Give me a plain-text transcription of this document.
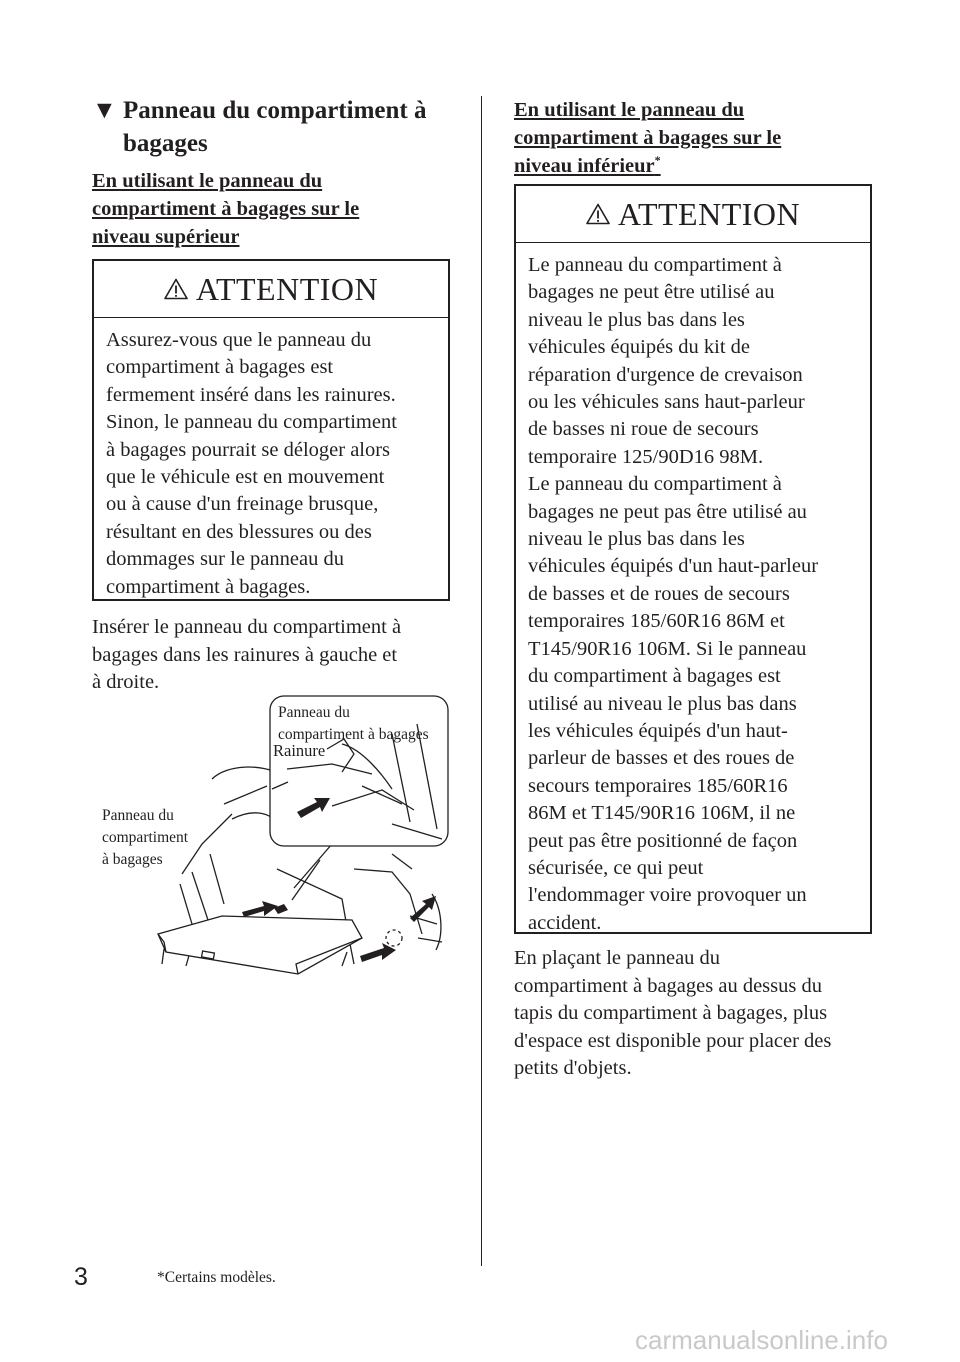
▼ Panneau du compartiment à
bagages
En utilisant le panneau du
compartiment à bagages sur le
niveau supérieur
ATTENTION
Assurez-vous que le panneau du
compartiment à bagages est
fermement inséré dans les rainures.
Sinon, le panneau du compartiment
à bagages pourrait se déloger alors
que le véhicule est en mouvement
ou à cause d'un freinage brusque,
résultant en des blessures ou des
dommages sur le panneau du
compartiment à bagages.
Insérer le panneau du compartiment à
bagages dans les rainures à gauche et
à droite.
Panneau du
compartiment
à bagages
Panneau du
compartiment à bagages
Rainure
En utilisant le panneau du
compartiment à bagages sur le
niveau inférieur*
ATTENTION
Le panneau du compartiment à
bagages ne peut être utilisé au
niveau le plus bas dans les
véhicules équipés du kit de
réparation d'urgence de crevaison
ou les véhicules sans haut-parleur
de basses ni roue de secours
temporaire 125/90D16 98M.
Le panneau du compartiment à
bagages ne peut pas être utilisé au
niveau le plus bas dans les
véhicules équipés d'un haut-parleur
de basses et de roues de secours
temporaires 185/60R16 86M et
T145/90R16 106M. Si le panneau
du compartiment à bagages est
utilisé au niveau le plus bas dans
les véhicules équipés d'un haut-
parleur de basses et des roues de
secours temporaires 185/60R16
86M et T145/90R16 106M, il ne
peut pas être positionné de façon
sécurisée, ce qui peut
l'endommager voire provoquer un
accident.
En plaçant le panneau du
compartiment à bagages au dessus du
tapis du compartiment à bagages, plus
d'espace est disponible pour placer des
petits d'objets.
3	*Certains modèles.
carmanualsonline.info
